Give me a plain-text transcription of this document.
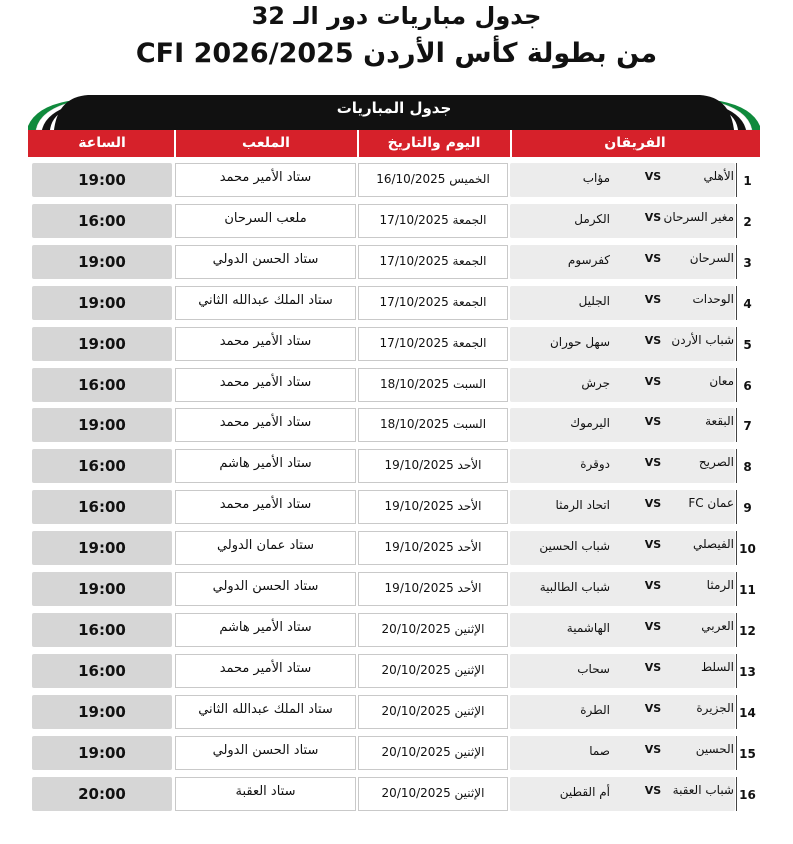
جدول مباريات دور الـ 32
من بطولة كأس الأردن CFI 2026/2025
جدول المباريات
الساعة	الملعب	اليوم والتاريخ	الفريقان
19:00	ستاد الأمير محمد	الخميس 16/10/2025	مؤاب	VS	الأهلي 1
16:00	ملعب السرحان	الجمعة 17/10/2025	الكرمل	VS مغير السرحان 2
19:00	ستاد الحسن الدولي	الجمعة 17/10/2025	كفرسوم	VS	السرحان 3
19:00	ستاد الملك عبدالله الثاني	الجمعة 17/10/2025	الجليل	VS	الوحدات 4
19:00	ستاد الأمير محمد	الجمعة 17/10/2025	سهل حوران	VS شباب الأردن 5
16:00	ستاد الأمير محمد	السبت 18/10/2025	جرش	VS	معان 6
19:00	ستاد الأمير محمد	السبت 18/10/2025	اليرموك	VS	البقعة 7
16:00	ستاد الأمير هاشم	الأحد 19/10/2025	دوقرة	VS	الصريح 8
16:00	ستاد الأمير محمد	الأحد 19/10/2025	اتحاد الرمثا	VS	عمان FC 9
19:00	ستاد عمان الدولي	الأحد 19/10/2025	شباب الحسين	VS	الفيصلي 10
19:00	ستاد الحسن الدولي	الأحد 19/10/2025	شباب الطالبية	VS	الرمثا 11
16:00	ستاد الأمير هاشم	الإثنين 20/10/2025	الهاشمية	VS	العربي 12
16:00	ستاد الأمير محمد	الإثنين 20/10/2025	سحاب	VS	السلط 13
19:00	ستاد الملك عبدالله الثاني	الإثنين 20/10/2025	الطرة	VS	الجزيرة 14
19:00	ستاد الحسن الدولي	الإثنين 20/10/2025	صما	VS	الحسين 15
20:00	ستاد العقبة	الإثنين 20/10/2025	أم القطين	VS شباب العقبة 16
